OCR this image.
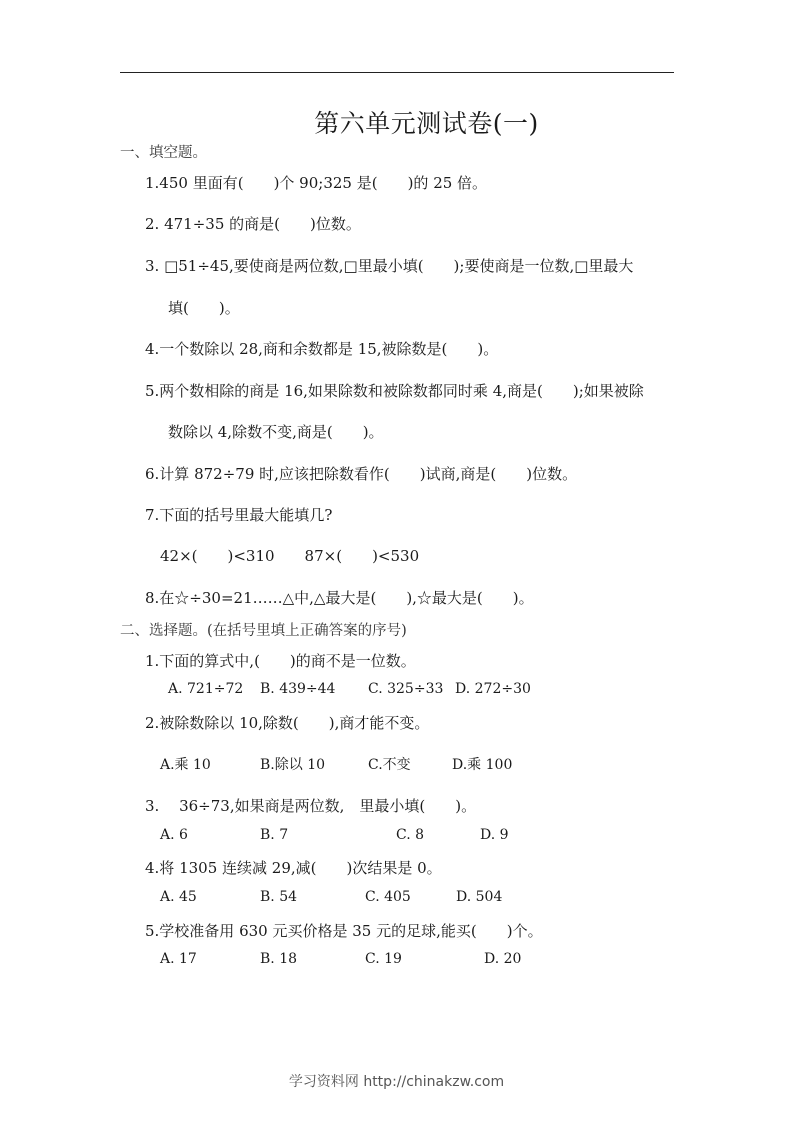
第六单元测试卷(一)
一、填空题。
1.450 里面有(　　)个 90;325 是(　　)的 25 倍。
2. 471÷35 的商是(　　)位数。
3. □51÷45,要使商是两位数,□里最小填(　　);要使商是一位数,□里最大
填(　　)。
4.一个数除以 28,商和余数都是 15,被除数是(　　)。
5.两个数相除的商是 16,如果除数和被除数都同时乘 4,商是(　　);如果被除
数除以 4,除数不变,商是(　　)。
6.计算 872÷79 时,应该把除数看作(　　)试商,商是(　　)位数。
7.下面的括号里最大能填几?
42×(　　)<310　　87×(　　)<530
8.在☆÷30=21……△中,△最大是(　　),☆最大是(　　)。
二、选择题。(在括号里填上正确答案的序号)
1.下面的算式中,(　　)的商不是一位数。
A. 721÷72 B. 439÷44 C. 325÷33 D. 272÷30
2.被除数除以 10,除数(　　),商才能不变。
A.乘 10	B.除以 10	C.不变	D.乘 100
3.　 36÷73,如果商是两位数,　里最小填(　　)。
A. 6	B. 7	C. 8	D. 9
4.将 1305 连续减 29,减(　　)次结果是 0。
A. 45	B. 54	C. 405	D. 504
5.学校准备用 630 元买价格是 35 元的足球,能买(　　)个。
A. 17	B. 18	C. 19	D. 20
学习资料网 http://chinakzw.com
